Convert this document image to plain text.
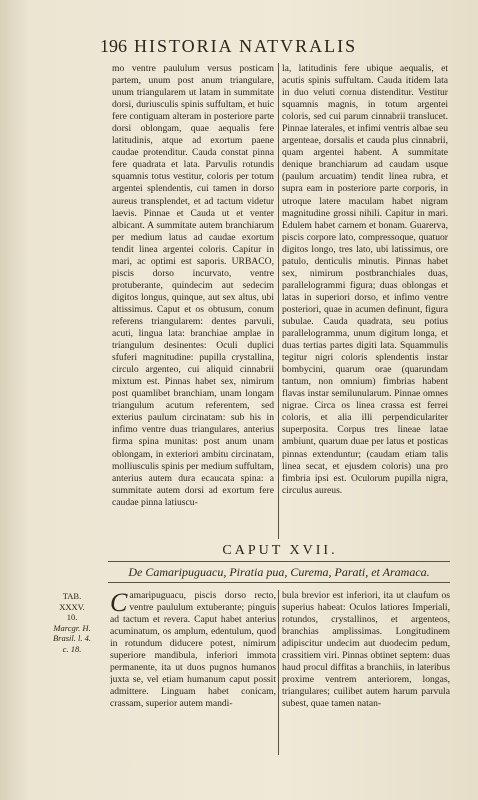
196 HISTORIA NATVRALIS

mo ventre paululum versus posticam partem, unum post anum triangulare, unum triangularem ut latam in summitate dorsi, duriusculis spinis suffultam, et huic fere contiguam alteram in posteriore parte dorsi oblongam, quae aequalis fere latitudinis, atque ad exortum paene caudae protenditur. Cauda constat pinna fere quadrata et lata. Parvulis rotundis squamnis totus vestitur, coloris per totum argentei splendentis, cui tamen in dorso aureus transplendet, et ad tactum videtur laevis. Pinnae et Cauda ut et venter albicant. A summitate autem branchiarum per medium latus ad caudae exortum tendit linea argentei coloris. Capitur in mari, ac optimi est saporis. URBACO, piscis dorso incurvato, ventre protuberante, quindecim aut sedecim digitos longus, quinque, aut sex altus, ubi altissimus. Caput et os obtusum, conum referens triangularem: dentes parvuli, acuti, lingua lata: branchiae amplae in triangulum desinentes: Oculi duplici sfuferi magnitudine: pupilla crystallina, circulo argenteo, cui aliquid cinnabrii mixtum est. Pinnas habet sex, nimirum post quamlibet branchiam, unam longam triangulum acutum referentem, sed exterius paulum circinatam: sub his in infimo ventre duas triangulares, anterius firma spina munitas: post anum unam oblongam, in exteriori ambitu circinatam, molliusculis spinis per medium suffultam, anterius autem dura ecaucata spina: a summitate autem dorsi ad exortum fere caudae pinna latiuscu-

la, latitudinis fere ubique aequalis, et acutis spinis suffultam. Cauda itidem lata in duo veluti cornua distenditur. Vestitur squamnis magnis, in totum argentei coloris, sed cui parum cinnabrii translucet. Pinnae laterales, et infimi ventris albae seu argenteae, dorsalis et cauda plus cinnabrii, quam argentei habent. A summitate denique branchiarum ad caudam usque (paulum arcuatim) tendit linea rubra, et supra eam in posteriore parte corporis, in utroque latere maculam habet nigram magnitudine grossi nihili. Capitur in mari. Edulem habet carnem et bonam. Guarerva, piscis corpore lato, compressoque, quatuor digitos longo, tres lato, ubi latissimus, ore patulo, denticulis minutis. Pinnas habet sex, nimirum postbranchiales duas, parallelogrammi figura; duas oblongas et latas in superiori dorso, et infimo ventre posteriori, quae in acumen definunt, figura subulae. Cauda quadrata, seu potius parallelogramma, unum digitum longa, et duas tertias partes digiti lata. Squammulis tegitur nigri coloris splendentis instar bombycini, quarum orae (quarundam tantum, non omnium) fimbrias habent flavas instar semilunularum. Pinnae omnes nigrae. Circa os linea crassa est ferrei coloris, et alia illi perpendiculariter superposita. Corpus tres lineae latae ambiunt, quarum duae per latus et posticas pinnas extenduntur; (caudam etiam talis linea secat, et ejusdem coloris) una pro fimbria ipsi est. Oculorum pupilla nigra, circulus aureus.

CAPUT XVII.
De Camaripuguacu, Piratia pua, Curema, Parati, et Aramaca.
TAB.
XXXV.
10.
Marcgr. H.
Brasil. l. 4.
c. 18.

Camaripuguacu, piscis dorso recto, ventre paululum extuberante; pinguis ad tactum et revera. Caput habet anterius acuminatum, os amplum, edentulum, quod in rotundum diducere potest, nimirum superiore mandibula, inferiori immota permanente, ita ut duos pugnos humanos juxta se, vel etiam humanum caput possit admittere. Linguam habet conicam, crassam, superior autem mandi-

bula brevior est inferiori, ita ut claufum os superius habeat: Oculos latiores Imperiali, rotundos, crystallinos, et argenteos, branchias amplissimas. Longitudinem adipiscitur undecim aut duodecim pedum, crassitiem viri. Pinnas obtinet septem: duas haud procul diffitas a branchiis, in lateribus proxime ventrem anteriorem, longas, triangulares; cuilibet autem harum parvula subest, quae tamen natan-
